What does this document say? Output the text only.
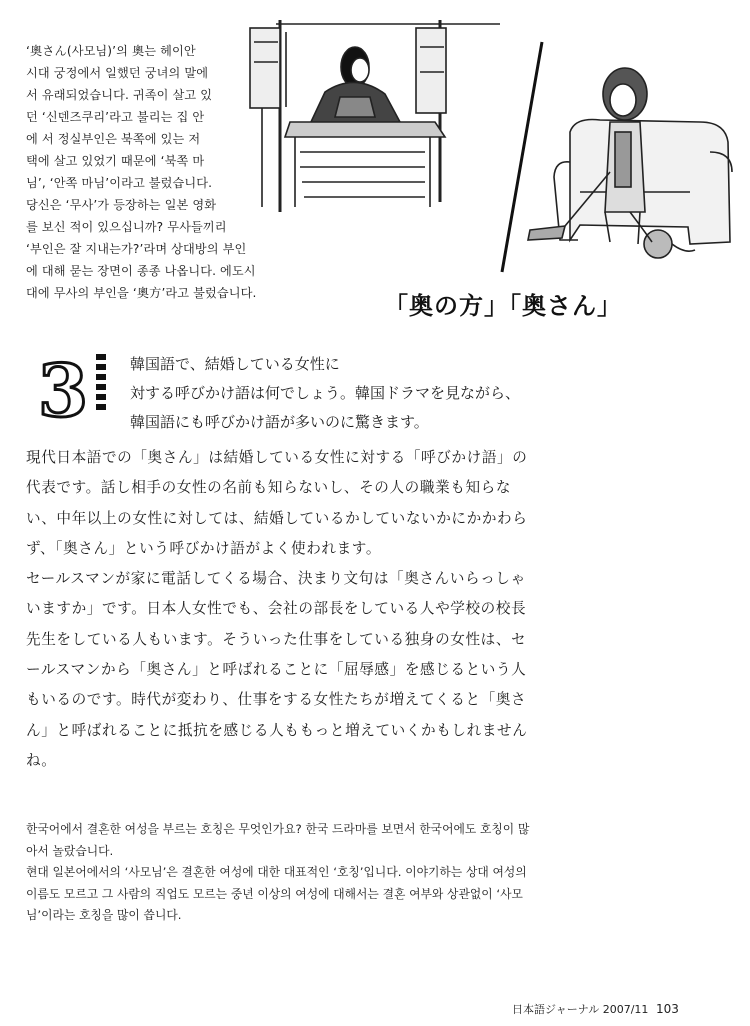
‘奧さん(사모님)’의 奧는 헤이안

시대 궁정에서 일했던 궁녀의 말에

서 유래되었습니다. 귀족이 살고 있

던 ‘신덴즈쿠리’라고 불리는 집 안

에 서 정실부인은 북쪽에 있는 저

택에 살고 있었기 때문에 ‘북쪽 마

님’, ‘안쪽 마님’이라고 불렀습니다.

당신은 ‘무사’가 등장하는 일본 영화

를 보신 적이 있으십니까? 무사들끼리

‘부인은 잘 지내는가?’라며 상대방의 부인

에 대해 묻는 장면이 종종 나옵니다. 에도시

대에 무사의 부인을 ‘奧方’라고 불렀습니다.	「奥の方」「奥さん」
3	韓国語で、結婚している女性に
対する呼びかけ語は何でしょう。韓国ドラマを見ながら、
韓国語にも呼びかけ語が多いのに驚きます。

現代日本語での「奥さん」は結婚している女性に対する「呼びかけ語」の代表です。話し相手の女性の名前も知らないし、その人の職業も知らない、中年以上の女性に対しては、結婚しているかしていないかにかかわらず、「奥さん」という呼びかけ語がよく使われます。

セールスマンが家に電話してくる場合、決まり文句は「奥さんいらっしゃいますか」です。日本人女性でも、会社の部長をしている人や学校の校長先生をしている人もいます。そういった仕事をしている独身の女性は、セールスマンから「奥さん」と呼ばれることに「屈辱感」を感じるという人もいるのです。時代が変わり、仕事をする女性たちが増えてくると「奥さん」と呼ばれることに抵抗を感じる人ももっと増えていくかもしれませんね。

한국어에서 결혼한 여성을 부르는 호칭은 무엇인가요? 한국 드라마를 보면서 한국어에도 호칭이 많아서 놀랐습니다.

현대 일본어에서의 ‘사모님’은 결혼한 여성에 대한 대표적인 ‘호칭’입니다. 이야기하는 상대 여성의 이름도 모르고 그 사람의 직업도 모르는 중년 이상의 여성에 대해서는 결혼 여부와 상관없이 ‘사모님’이라는 호칭을 많이 씁니다.

日本語ジャーナル 2007/11 103
